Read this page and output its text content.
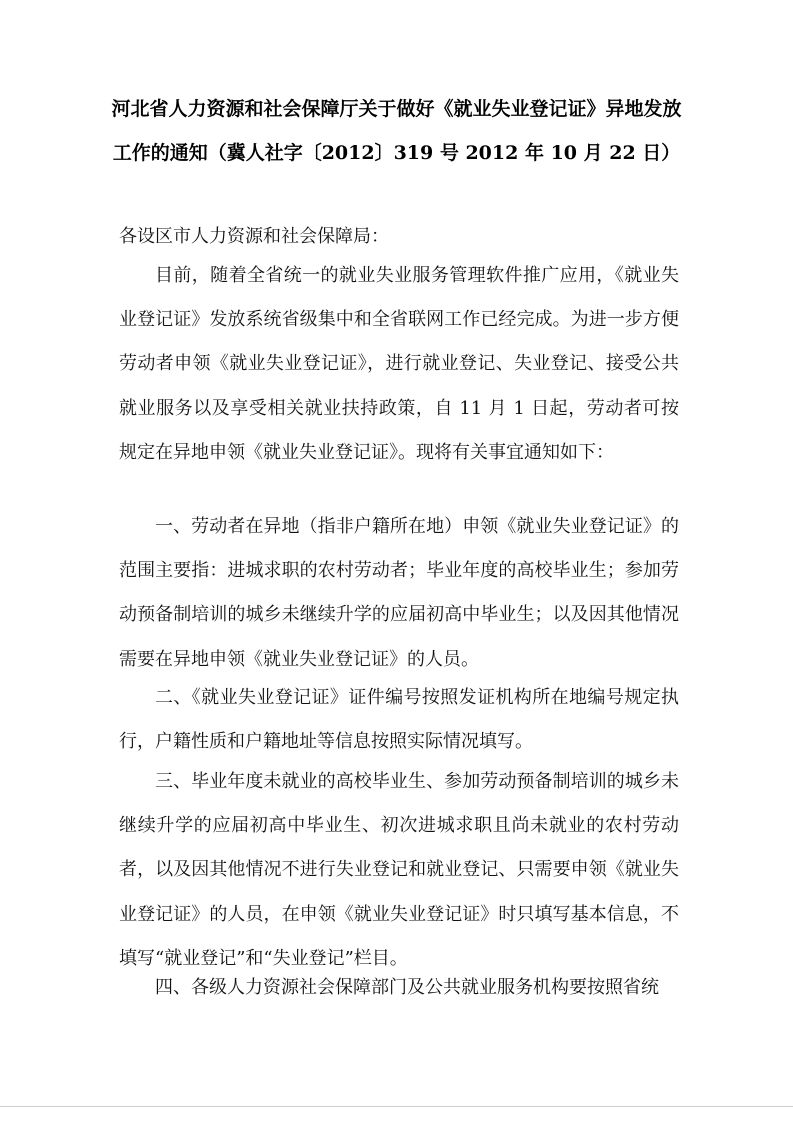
河北省人力资源和社会保障厅关于做好《就业失业登记证》异地发放
工作的通知（冀人社字〔2012〕319 号 2012 年 10 月 22 日）
各设区市人力资源和社会保障局：

目前，随着全省统一的就业失业服务管理软件推广应用，《就业失业登记证》发放系统省级集中和全省联网工作已经完成。为进一步方便劳动者申领《就业失业登记证》，进行就业登记、失业登记、接受公共就业服务以及享受相关就业扶持政策，自 11 月 1 日起，劳动者可按规定在异地申领《就业失业登记证》。现将有关事宜通知如下：

一、劳动者在异地（指非户籍所在地）申领《就业失业登记证》的范围主要指：进城求职的农村劳动者；毕业年度的高校毕业生；参加劳动预备制培训的城乡未继续升学的应届初高中毕业生；以及因其他情况需要在异地申领《就业失业登记证》的人员。

二、《就业失业登记证》证件编号按照发证机构所在地编号规定执行，户籍性质和户籍地址等信息按照实际情况填写。

三、毕业年度未就业的高校毕业生、参加劳动预备制培训的城乡未继续升学的应届初高中毕业生、初次进城求职且尚未就业的农村劳动者，以及因其他情况不进行失业登记和就业登记、只需要申领《就业失业登记证》的人员，在申领《就业失业登记证》时只填写基本信息，不填写“就业登记”和“失业登记”栏目。

四、各级人力资源社会保障部门及公共就业服务机构要按照省统
